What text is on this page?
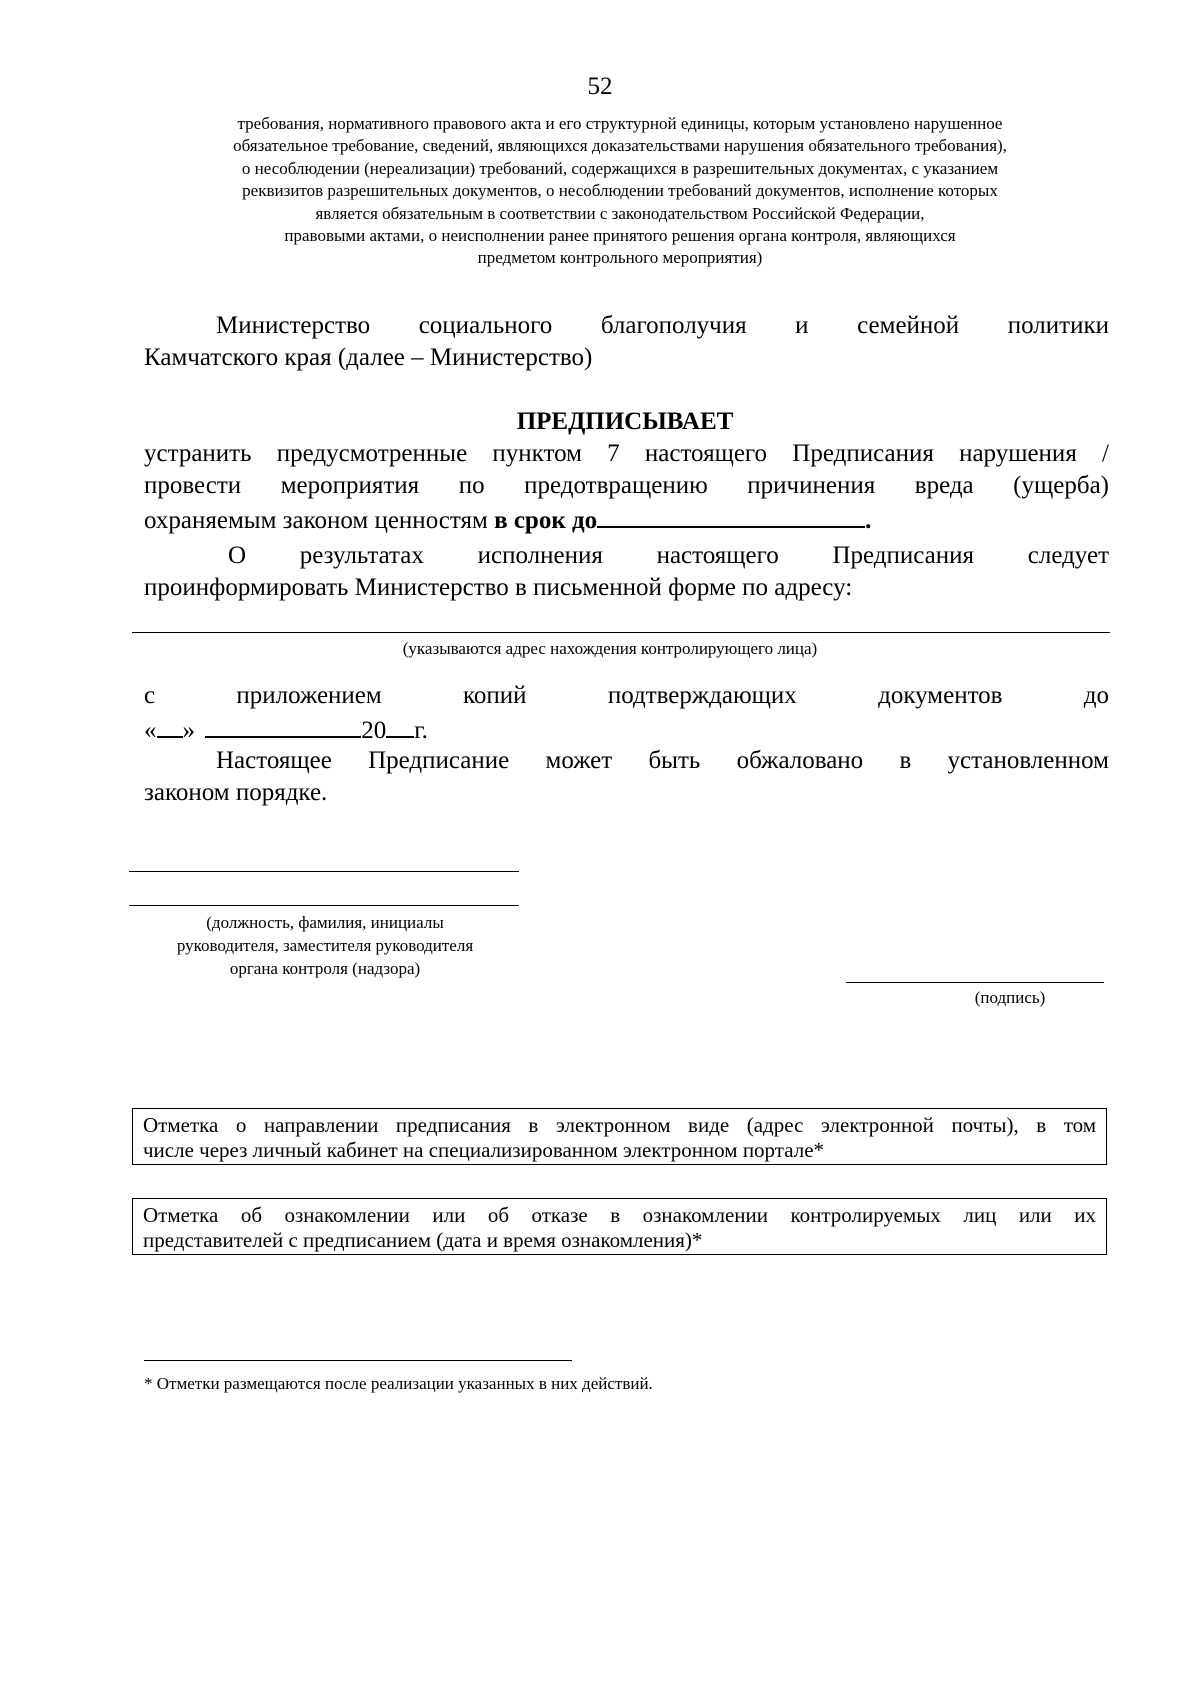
52
требования, нормативного правового акта и его структурной единицы, которым установлено нарушенное
обязательное требование, сведений, являющихся доказательствами нарушения обязательного требования),
о несоблюдении (нереализации) требований, содержащихся в разрешительных документах, с указанием
реквизитов разрешительных документов, о несоблюдении требований документов, исполнение которых
является обязательным в соответствии с законодательством Российской Федерации,
правовыми актами, о неисполнении ранее принятого решения органа контроля, являющихся
предметом контрольного мероприятия)
Министерство социального благополучия и семейной политики
Камчатского края (далее – Министерство)
ПРЕДПИСЫВАЕТ
устранить предусмотренные пунктом 7 настоящего Предписания нарушения /
провести мероприятия по предотвращению причинения вреда (ущерба)
охраняемым законом ценностям в срок до	.
О результатах исполнения настоящего Предписания следует
проинформировать Министерство в письменной форме по адресу:
(указываются адрес нахождения контролирующего лица)
с приложением копий подтверждающих документов до
« »	20 г.
Настоящее Предписание может быть обжаловано в установленном
законом порядке.
(должность, фамилия, инициалы
руководителя, заместителя руководителя
органа контроля (надзора)
(подпись)
Отметка о направлении предписания в электронном виде (адрес электронной почты), в том
числе через личный кабинет на специализированном электронном портале*
Отметка об ознакомлении или об отказе в ознакомлении контролируемых лиц или их
представителей с предписанием (дата и время ознакомления)*
* Отметки размещаются после реализации указанных в них действий.
